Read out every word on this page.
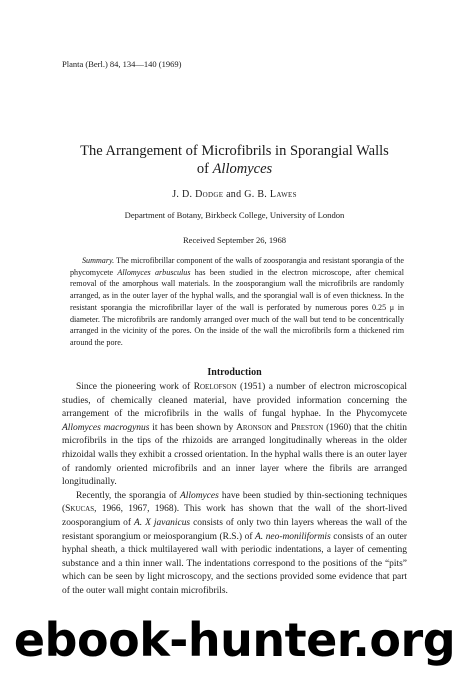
Planta (Berl.) 84, 134—140 (1969)
The Arrangement of Microfibrils in Sporangial Walls
of Allomyces
J. D. Dodge and G. B. Lawes
Department of Botany, Birkbeck College, University of London
Received September 26, 1968

Summary. The microfibrillar component of the walls of zoosporangia and resistant sporangia of the phycomycete Allomyces arbusculus has been studied in the electron microscope, after chemical removal of the amorphous wall materials. In the zoosporangium wall the microfibrils are randomly arranged, as in the outer layer of the hyphal walls, and the sporangial wall is of even thickness. In the resistant sporangia the microfibrillar layer of the wall is perforated by numerous pores 0.25 μ in diameter. The microfibrils are randomly arranged over much of the wall but tend to be concentrically arranged in the vicinity of the pores. On the inside of the wall the microfibrils form a thickened rim around the pore.

Introduction

Since the pioneering work of Roelofson (1951) a number of electron microscopical studies, of chemically cleaned material, have provided information concerning the arrangement of the microfibrils in the walls of fungal hyphae. In the Phycomycete Allomyces macrogynus it has been shown by Aronson and Preston (1960) that the chitin microfibrils in the tips of the rhizoids are arranged longitudinally whereas in the older rhizoidal walls they exhibit a crossed orientation. In the hyphal walls there is an outer layer of randomly oriented microfibrils and an inner layer where the fibrils are arranged longitudinally.

Recently, the sporangia of Allomyces have been studied by thin-sectioning techniques (Skucas, 1966, 1967, 1968). This work has shown that the wall of the short-lived zoosporangium of A. X javanicus consists of only two thin layers whereas the wall of the resistant sporangium or meiosporangium (R.S.) of A. neo-moniliformis consists of an outer hyphal sheath, a thick multilayered wall with periodic indentations, a layer of cementing substance and a thin inner wall. The indentations correspond to the positions of the “pits” which can be seen by light microscopy, and the sections provided some evidence that part of the outer wall might contain microfibrils.

ebook-hunter.org
